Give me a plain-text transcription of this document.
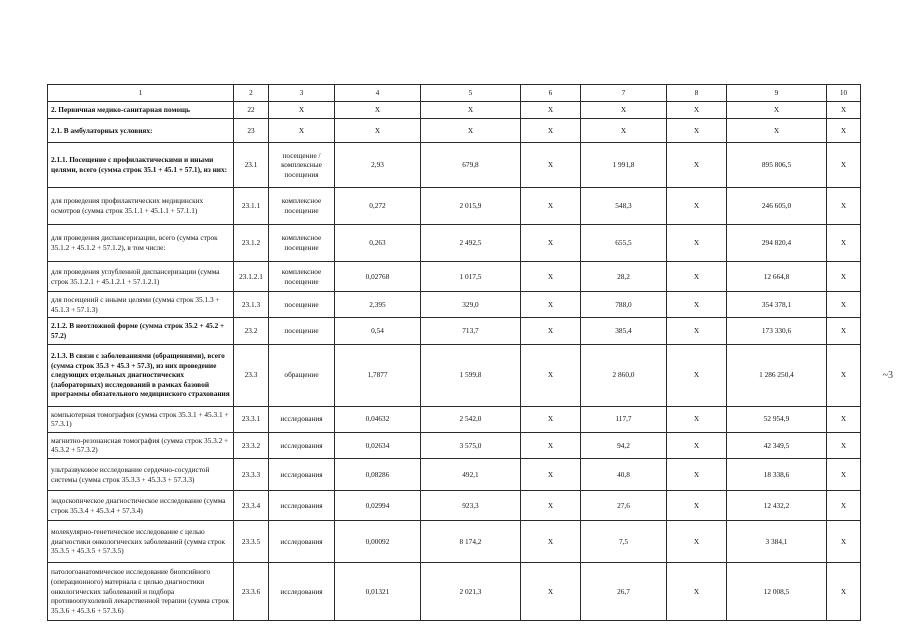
1	2	3	4	5	6	7	8	9	10
2. Первичная медико-санитарная помощь	22	X	X	X	X	X	X	X	X
2.1. В амбулаторных условиях:	23	X	X	X	X	X	X	X	X
2.1.1. Посещение с профилактическими и иными целями, всего (сумма строк 35.1 + 45.1 + 57.1), из них:	23.1	посещение / комплексные посещения	2,93	679,8	X	1 991,8	X	895 806,5	X
для проведения профилактических медицинских осмотров (сумма строк 35.1.1 + 45.1.1 + 57.1.1)	23.1.1	комплексное посещение	0,272	2 015,9	X	548,3	X	246 605,0	X
для проведения диспансеризации, всего (сумма строк 35.1.2 + 45.1.2 + 57.1.2), в том числе:	23.1.2	комплексное посещение	0,263	2 492,5	X	655,5	X	294 820,4	X
для проведения углубленной диспансеризации (сумма строк 35.1.2.1 + 45.1.2.1 + 57.1.2.1)	23.1.2.1	комплексное посещение	0,02768	1 017,5	X	28,2	X	12 664,8	X
для посещений с иными целями (сумма строк 35.1.3 + 45.1.3 + 57.1.3)	23.1.3	посещение	2,395	329,0	X	788,0	X	354 378,1	X
2.1.2. В неотложной форме (сумма строк 35.2 + 45.2 + 57.2)	23.2	посещение	0,54	713,7	X	385,4	X	173 330,6	X
2.1.3. В связи с заболеваниями (обращениями), всего (сумма строк 35.3 + 45.3 + 57.3), из них проведение следующих отдельных диагностических (лабораторных) исследований в рамках базовой программы обязательного медицинского страхования	23.3	обращение	1,7877	1 599,8	X	2 860,0	X	1 286 250,4	X
компьютерная томография (сумма строк 35.3.1 + 45.3.1 + 57.3.1)	23.3.1	исследования	0,04632	2 542,0	X	117,7	X	52 954,9	X
магнитно-резонансная томография (сумма строк 35.3.2 + 45.3.2 + 57.3.2)	23.3.2	исследования	0,02634	3 575,0	X	94,2	X	42 349,5	X
ультразвуковое исследование сердечно-сосудистой системы (сумма строк 35.3.3 + 45.3.3 + 57.3.3)	23.3.3	исследования	0,08286	492,1	X	40,8	X	18 338,6	X
эндоскопическое диагностическое исследование (сумма строк 35.3.4 + 45.3.4 + 57.3.4)	23.3.4	исследования	0,02994	923,3	X	27,6	X	12 432,2	X
молекулярно-генетическое исследование с целью диагностики онкологических заболеваний (сумма строк 35.3.5 + 45.3.5 + 57.3.5)	23.3.5	исследования	0,00092	8 174,2	X	7,5	X	3 384,1	X
патологоанатомическое исследование биопсийного (операционного) материала с целью диагностики онкологических заболеваний и подбора противоопухолевой лекарственной терапии (сумма строк 35.3.6 + 45.3.6 + 57.3.6)	23.3.6	исследования	0,01321	2 021,3	X	26,7	X	12 008,5	X
~3
